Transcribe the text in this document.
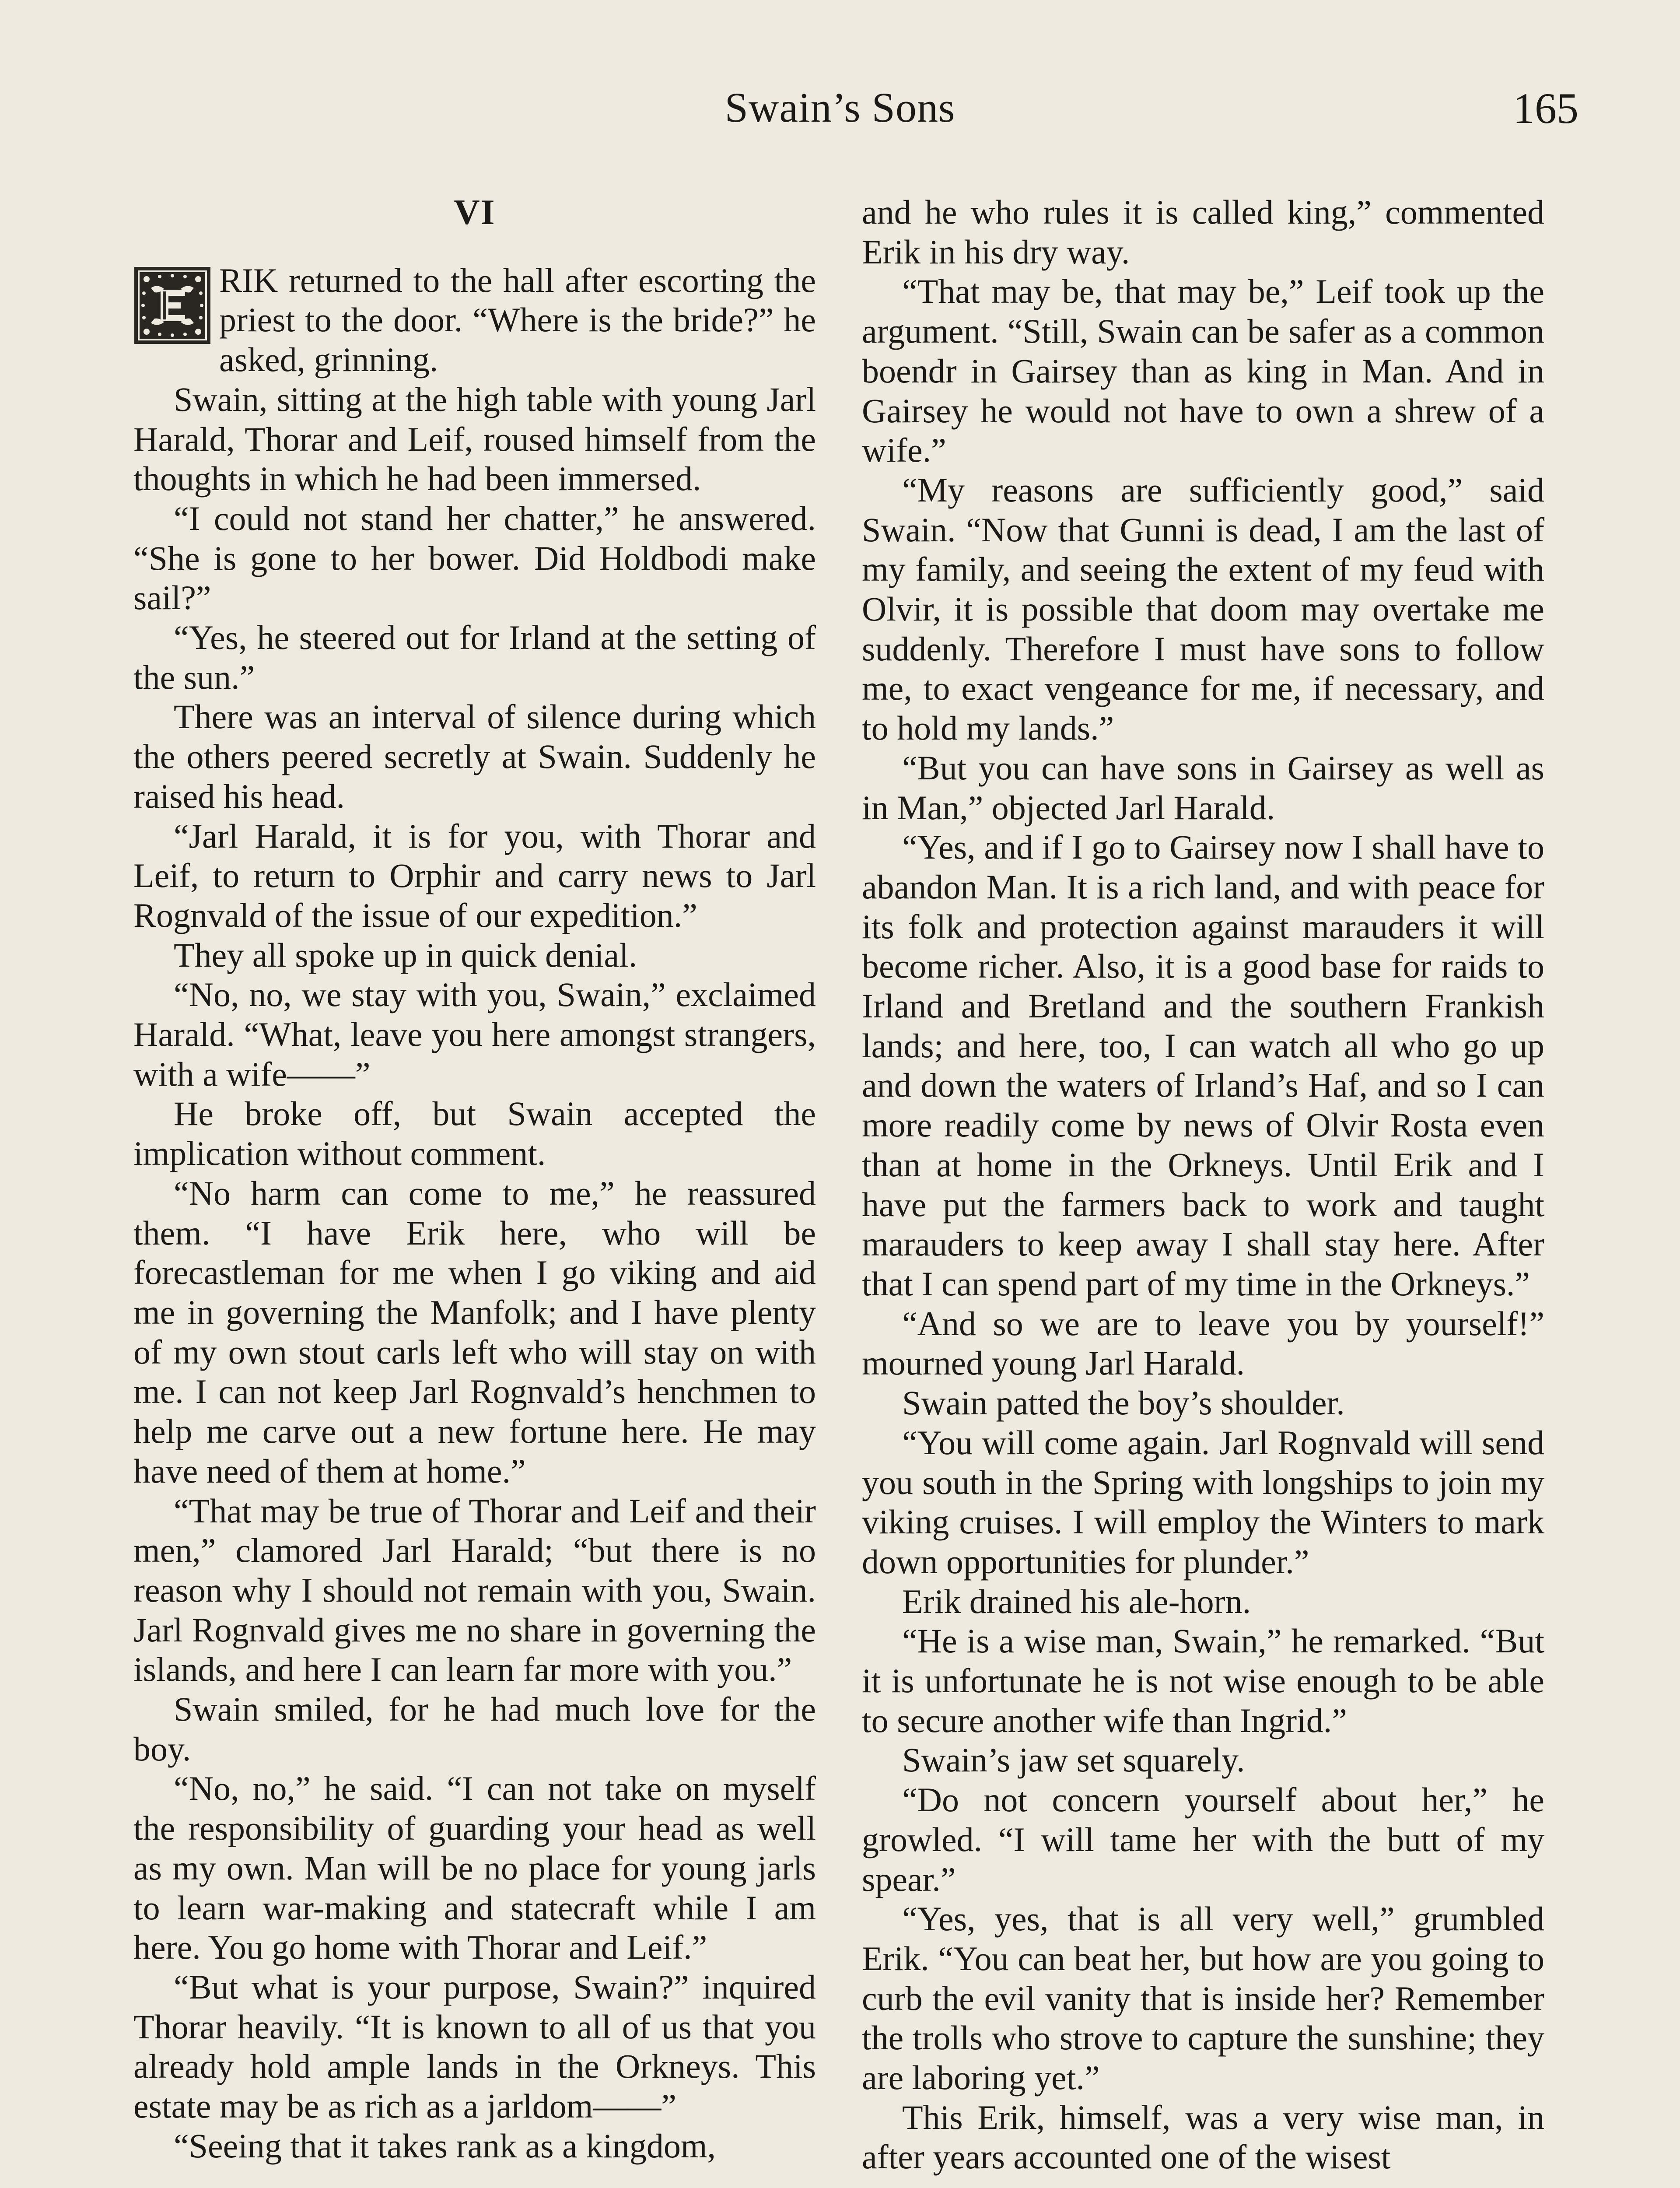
Swain’s Sons	165
VI

RIK returned to the hall after escorting the priest to the door. “Where is the bride?” he asked, grinning.

Swain, sitting at the high table with young Jarl Harald, Thorar and Leif, roused himself from the thoughts in which he had been immersed.

“I could not stand her chatter,” he answered. “She is gone to her bower. Did Holdbodi make sail?”

“Yes, he steered out for Irland at the setting of the sun.”

There was an interval of silence during which the others peered secretly at Swain. Suddenly he raised his head.

“Jarl Harald, it is for you, with Thorar and Leif, to return to Orphir and carry news to Jarl Rognvald of the issue of our expedition.”

They all spoke up in quick denial.

“No, no, we stay with you, Swain,” exclaimed Harald. “What, leave you here amongst strangers, with a wife——”

He broke off, but Swain accepted the implication without comment.

“No harm can come to me,” he reassured them. “I have Erik here, who will be forecastleman for me when I go viking and aid me in governing the Manfolk; and I have plenty of my own stout carls left who will stay on with me. I can not keep Jarl Rognvald’s henchmen to help me carve out a new fortune here. He may have need of them at home.”

“That may be true of Thorar and Leif and their men,” clamored Jarl Harald; “but there is no reason why I should not remain with you, Swain. Jarl Rognvald gives me no share in governing the islands, and here I can learn far more with you.”

Swain smiled, for he had much love for the boy.

“No, no,” he said. “I can not take on myself the responsibility of guarding your head as well as my own. Man will be no place for young jarls to learn war-making and statecraft while I am here. You go home with Thorar and Leif.”

“But what is your purpose, Swain?” inquired Thorar heavily. “It is known to all of us that you already hold ample lands in the Orkneys. This estate may be as rich as a jarldom——”

“Seeing that it takes rank as a kingdom,

and he who rules it is called king,” commented Erik in his dry way.

“That may be, that may be,” Leif took up the argument. “Still, Swain can be safer as a common boendr in Gairsey than as king in Man. And in Gairsey he would not have to own a shrew of a wife.”

“My reasons are sufficiently good,” said Swain. “Now that Gunni is dead, I am the last of my family, and seeing the extent of my feud with Olvir, it is possible that doom may overtake me suddenly. Therefore I must have sons to follow me, to exact vengeance for me, if necessary, and to hold my lands.”

“But you can have sons in Gairsey as well as in Man,” objected Jarl Harald.

“Yes, and if I go to Gairsey now I shall have to abandon Man. It is a rich land, and with peace for its folk and protection against marauders it will become richer. Also, it is a good base for raids to Irland and Bretland and the southern Frankish lands; and here, too, I can watch all who go up and down the waters of Irland’s Haf, and so I can more readily come by news of Olvir Rosta even than at home in the Orkneys. Until Erik and I have put the farmers back to work and taught marauders to keep away I shall stay here. After that I can spend part of my time in the Orkneys.”

“And so we are to leave you by yourself!” mourned young Jarl Harald.

Swain patted the boy’s shoulder.

“You will come again. Jarl Rognvald will send you south in the Spring with longships to join my viking cruises. I will employ the Winters to mark down opportunities for plunder.”

Erik drained his ale-horn.

“He is a wise man, Swain,” he remarked. “But it is unfortunate he is not wise enough to be able to secure another wife than Ingrid.”

Swain’s jaw set squarely.

“Do not concern yourself about her,” he growled. “I will tame her with the butt of my spear.”

“Yes, yes, that is all very well,” grumbled Erik. “You can beat her, but how are you going to curb the evil vanity that is inside her? Remember the trolls who strove to capture the sunshine; they are laboring yet.”

This Erik, himself, was a very wise man, in after years accounted one of the wisest
